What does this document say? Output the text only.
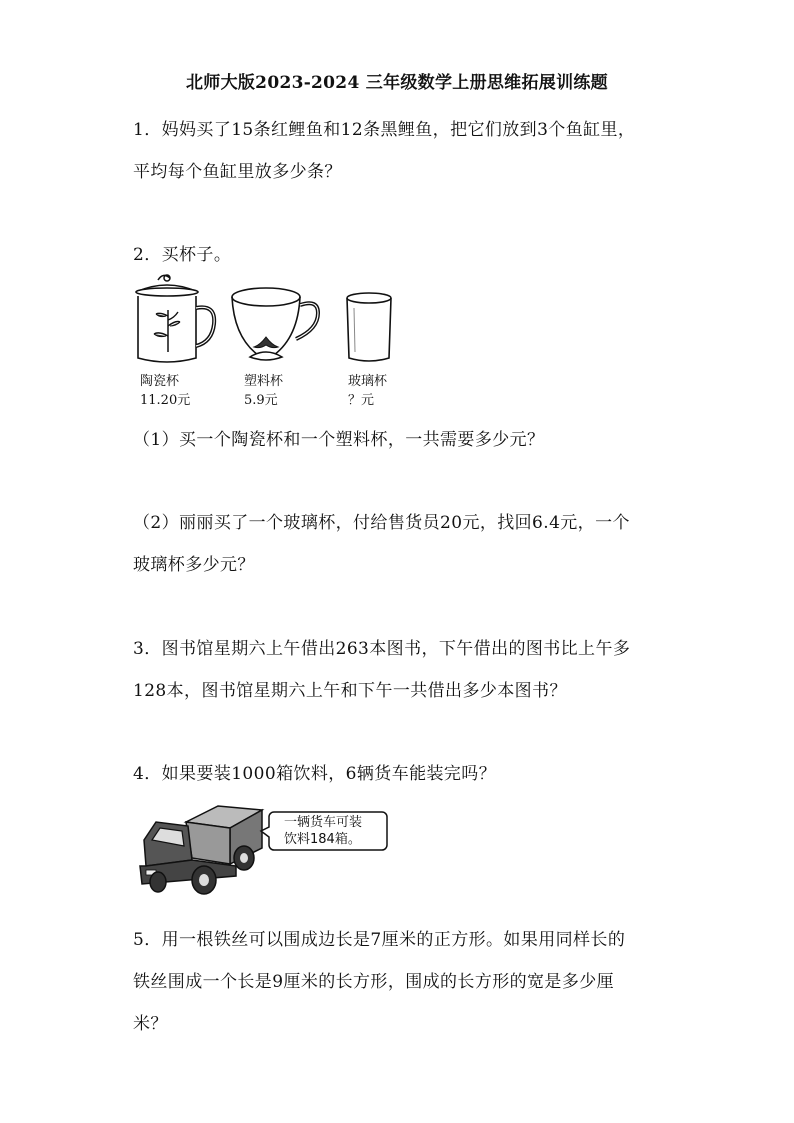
北师大版2023-2024 三年级数学上册思维拓展训练题
1．妈妈买了15条红鲤鱼和12条黑鲤鱼，把它们放到3个鱼缸里，
平均每个鱼缸里放多少条？
2．买杯子。
陶瓷杯
11.20元
塑料杯
5.9元
玻璃杯
？元
（1）买一个陶瓷杯和一个塑料杯，一共需要多少元？
（2）丽丽买了一个玻璃杯，付给售货员20元，找回6.4元，一个
玻璃杯多少元？
3．图书馆星期六上午借出263本图书，下午借出的图书比上午多
128本，图书馆星期六上午和下午一共借出多少本图书？
4．如果要装1000箱饮料，6辆货车能装完吗？
一辆货车可装
饮料184箱。
5．用一根铁丝可以围成边长是7厘米的正方形。如果用同样长的
铁丝围成一个长是9厘米的长方形，围成的长方形的宽是多少厘
米？
